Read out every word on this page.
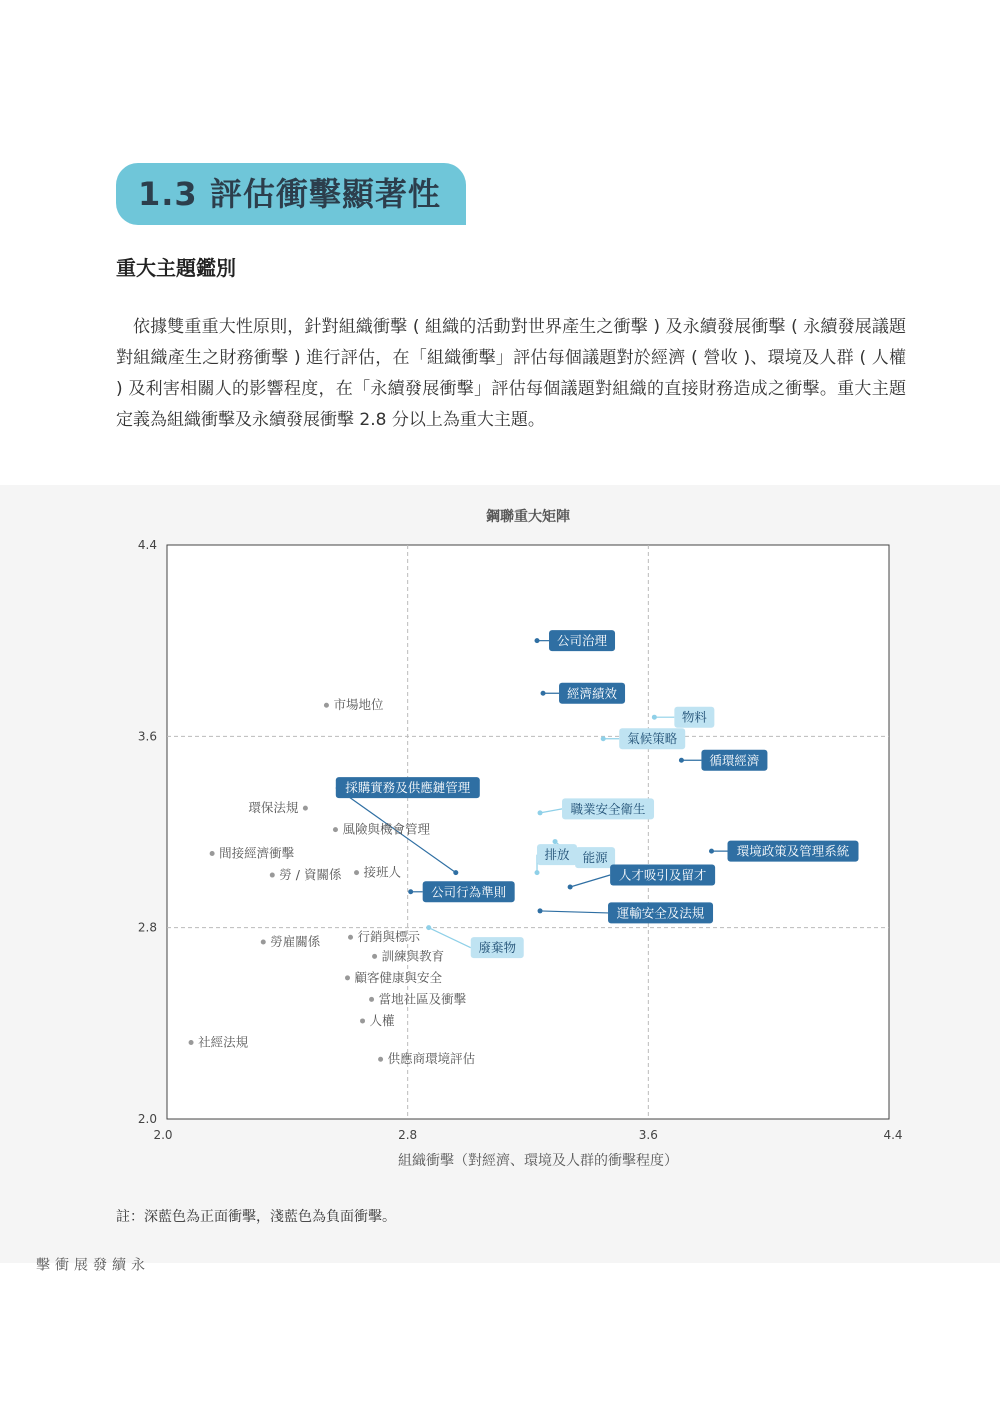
1.3 評估衝擊顯著性
重大主題鑑別

依據雙重重大性原則，針對組織衝擊 ( 組織的活動對世界產生之衝擊 ) 及永續發展衝擊 ( 永續發展議題對組織產生之財務衝擊 ) 進行評估，在「組織衝擊」評估每個議題對於經濟 ( 營收 )、環境及人群 ( 人權 ) 及利害相關人的影響程度，在「永續發展衝擊」評估每個議題對組織的直接財務造成之衝擊。重大主題定義為組織衝擊及永續發展衝擊 2.8 分以上為重大主題。

鋼聯重大矩陣
組織衝擊（對經濟、環境及人群的衝擊程度）
2.0	2.8	3.6	4.4
2.0
2.8
3.6
4.4
公司治理
經濟績效
物料
氣候策略
循環經濟
採購實務及供應鏈管理
職業安全衛生
能源	環境政策及管理系統
排放
人才吸引及留才
公司行為準則
運輸安全及法規
廢棄物
市場地位
環保法規
風險與機會管理
間接經濟衝擊
勞 / 資關係 接班人
勞雇關係	行銷與標示
訓練與教育
顧客健康與安全
當地社區及衝擊
人權
社經法規
供應商環境評估
永續發展衝擊
註：深藍色為正面衝擊，淺藍色為負面衝擊。
